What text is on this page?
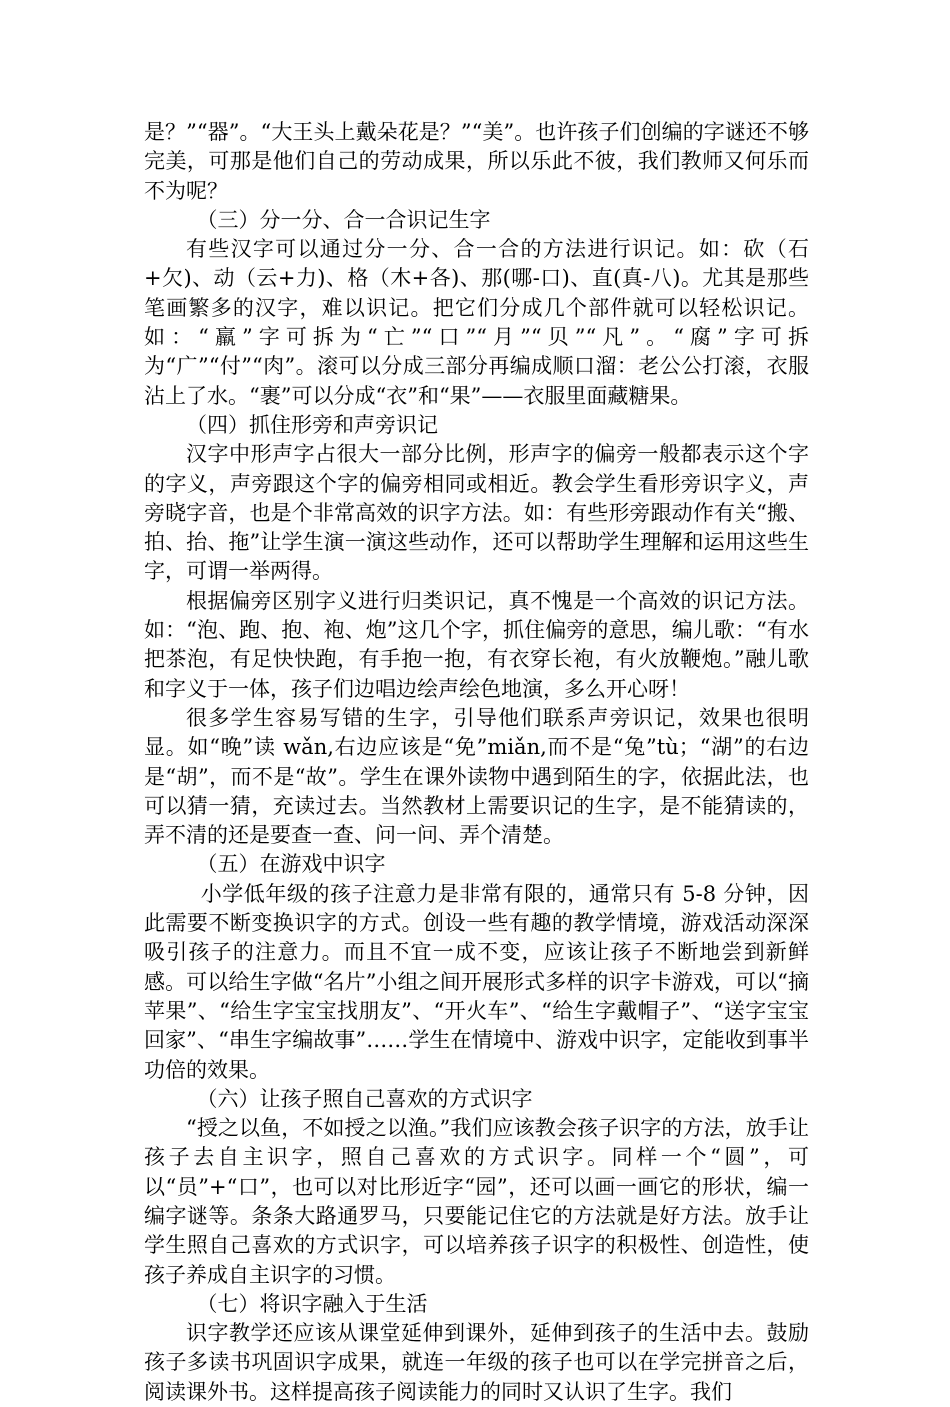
是？”“器”。“大王头上戴朵花是？”“美”。也许孩子们创编的字谜还不够完美，可那是他们自己的劳动成果，所以乐此不彼，我们教师又何乐而不为呢？

（三）分一分、合一合识记生字

有些汉字可以通过分一分、合一合的方法进行识记。如：砍（石+欠)、动（云+力)、格（木+各)、那(哪-口)、直(真-八)。尤其是那些笔画繁多的汉字，难以识记。把它们分成几个部件就可以轻松识记。如：“羸”字可拆为“亡”“口”“月”“贝”“凡”。“腐”字可拆为“广”“付”“肉”。滚可以分成三部分再编成顺口溜：老公公打滚，衣服沾上了水。“裹”可以分成“衣”和“果”——衣服里面藏糖果。

（四）抓住形旁和声旁识记

汉字中形声字占很大一部分比例，形声字的偏旁一般都表示这个字的字义，声旁跟这个字的偏旁相同或相近。教会学生看形旁识字义，声旁晓字音，也是个非常高效的识字方法。如：有些形旁跟动作有关“搬、拍、抬、拖”让学生演一演这些动作，还可以帮助学生理解和运用这些生字，可谓一举两得。

根据偏旁区别字义进行归类识记，真不愧是一个高效的识记方法。如：“泡、跑、抱、袍、炮”这几个字，抓住偏旁的意思，编儿歌：“有水把茶泡，有足快快跑，有手抱一抱，有衣穿长袍，有火放鞭炮。”融儿歌和字义于一体，孩子们边唱边绘声绘色地演，多么开心呀！

很多学生容易写错的生字，引导他们联系声旁识记，效果也很明显。如“晚”读 wǎn,右边应该是“免”miǎn,而不是“兔”tù；“湖”的右边是“胡”，而不是“故”。学生在课外读物中遇到陌生的字，依据此法，也可以猜一猜，充读过去。当然教材上需要识记的生字，是不能猜读的，弄不清的还是要查一查、问一问、弄个清楚。

（五）在游戏中识字

小学低年级的孩子注意力是非常有限的，通常只有 5-8 分钟，因此需要不断变换识字的方式。创设一些有趣的教学情境，游戏活动深深吸引孩子的注意力。而且不宜一成不变，应该让孩子不断地尝到新鲜感。可以给生字做“名片”小组之间开展形式多样的识字卡游戏，可以“摘苹果”、“给生字宝宝找朋友”、“开火车”、“给生字戴帽子”、“送字宝宝回家”、“串生字编故事”……学生在情境中、游戏中识字，定能收到事半功倍的效果。

（六）让孩子照自己喜欢的方式识字

“授之以鱼，不如授之以渔。”我们应该教会孩子识字的方法，放手让孩子去自主识字，照自己喜欢的方式识字。同样一个“圆”，可以“员”+“口”，也可以对比形近字“园”，还可以画一画它的形状，编一编字谜等。条条大路通罗马，只要能记住它的方法就是好方法。放手让学生照自己喜欢的方式识字，可以培养孩子识字的积极性、创造性，使孩子养成自主识字的习惯。

（七）将识字融入于生活

识字教学还应该从课堂延伸到课外，延伸到孩子的生活中去。鼓励孩子多读书巩固识字成果，就连一年级的孩子也可以在学完拼音之后，阅读课外书。这样提高孩子阅读能力的同时又认识了生字。我们
